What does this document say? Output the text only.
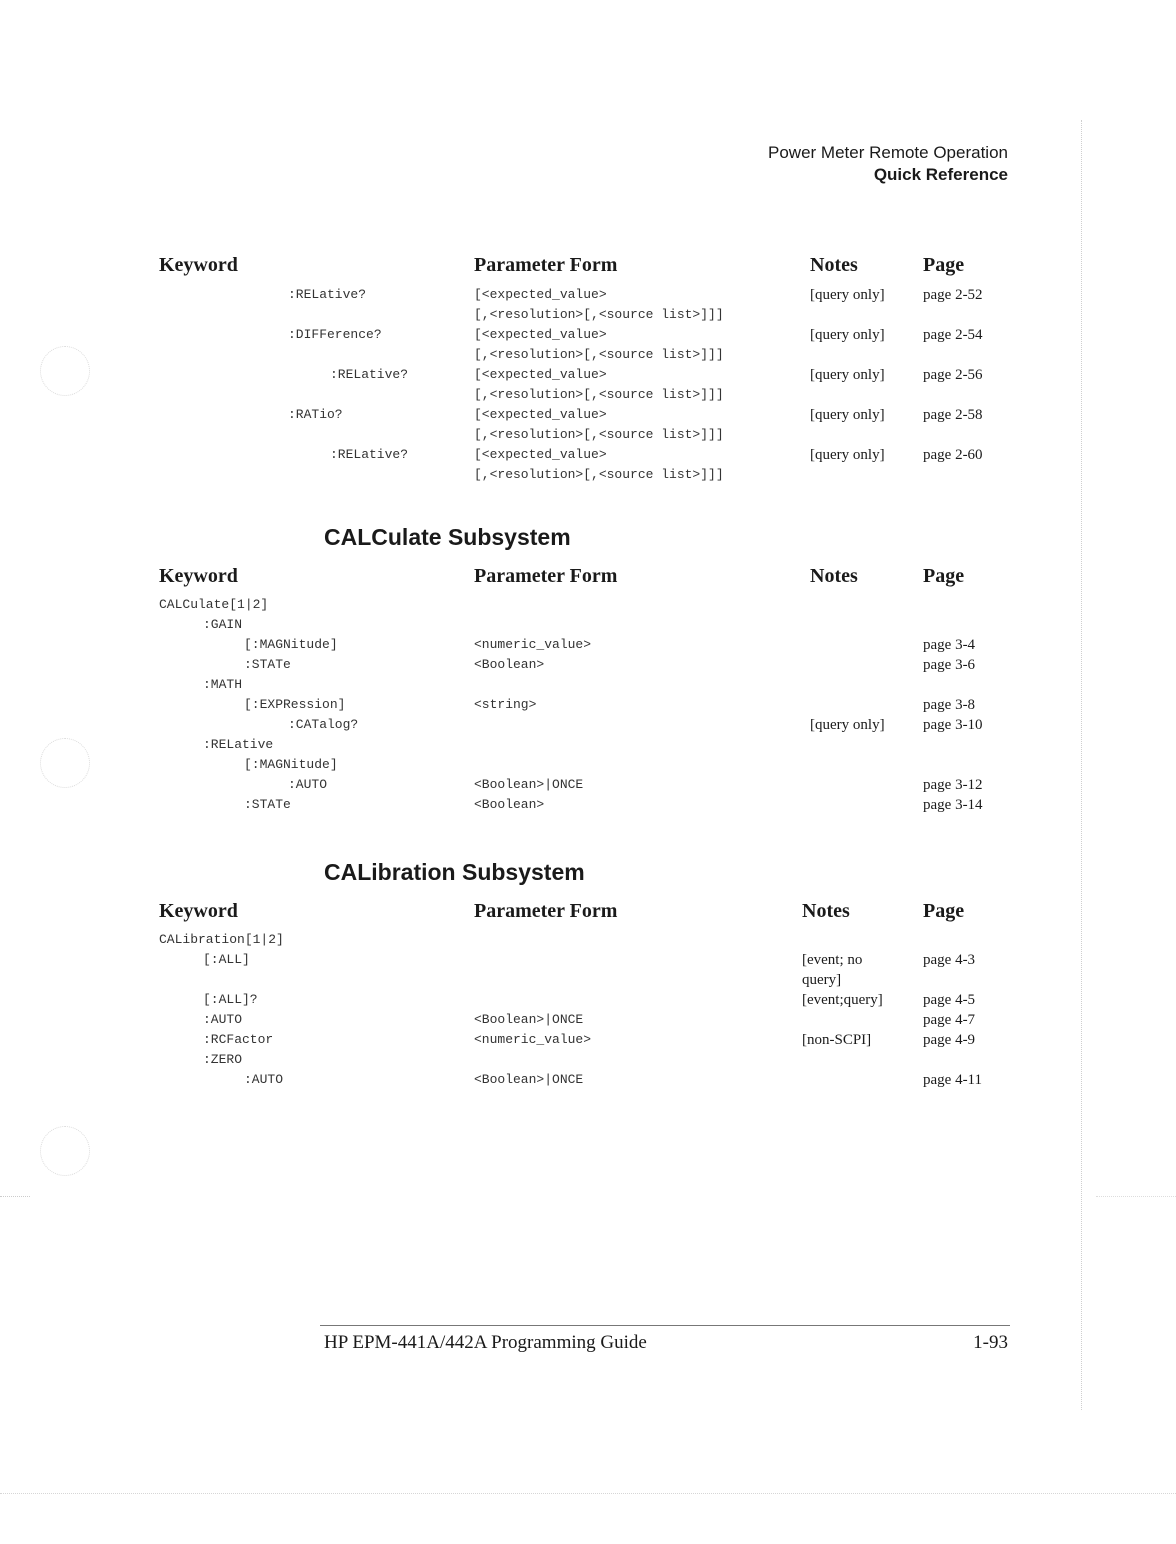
Power Meter Remote Operation
Quick Reference
Keyword	Parameter Form	Notes	Page
:RELative?	[<expected_value>	[query only]	page 2-52
[,<resolution>[,<source list>]]]
:DIFFerence?	[<expected_value>	[query only]	page 2-54
[,<resolution>[,<source list>]]]
:RELative?	[<expected_value>	[query only]	page 2-56
[,<resolution>[,<source list>]]]
:RATio?	[<expected_value>	[query only]	page 2-58
[,<resolution>[,<source list>]]]
:RELative?	[<expected_value>	[query only]	page 2-60
[,<resolution>[,<source list>]]]
CALCulate Subsystem
Keyword	Parameter Form	Notes	Page
CALCulate[1|2]
:GAIN
[:MAGNitude]	<numeric_value>	page 3-4
:STATe	<Boolean>	page 3-6
:MATH
[:EXPRession]	<string>	page 3-8
:CATalog?	[query only]	page 3-10
:RELative
[:MAGNitude]
:AUTO	<Boolean>|ONCE	page 3-12
:STATe	<Boolean>	page 3-14
CALibration Subsystem
Keyword	Parameter Form	Notes	Page
CALibration[1|2]
[:ALL]	[event; no	page 4-3
query]
[:ALL]?	[event;query]	page 4-5
:AUTO	<Boolean>|ONCE	page 4-7
:RCFactor	<numeric_value>	[non-SCPI]	page 4-9
:ZERO
:AUTO	<Boolean>|ONCE	page 4-11
HP EPM-441A/442A Programming Guide	1-93
